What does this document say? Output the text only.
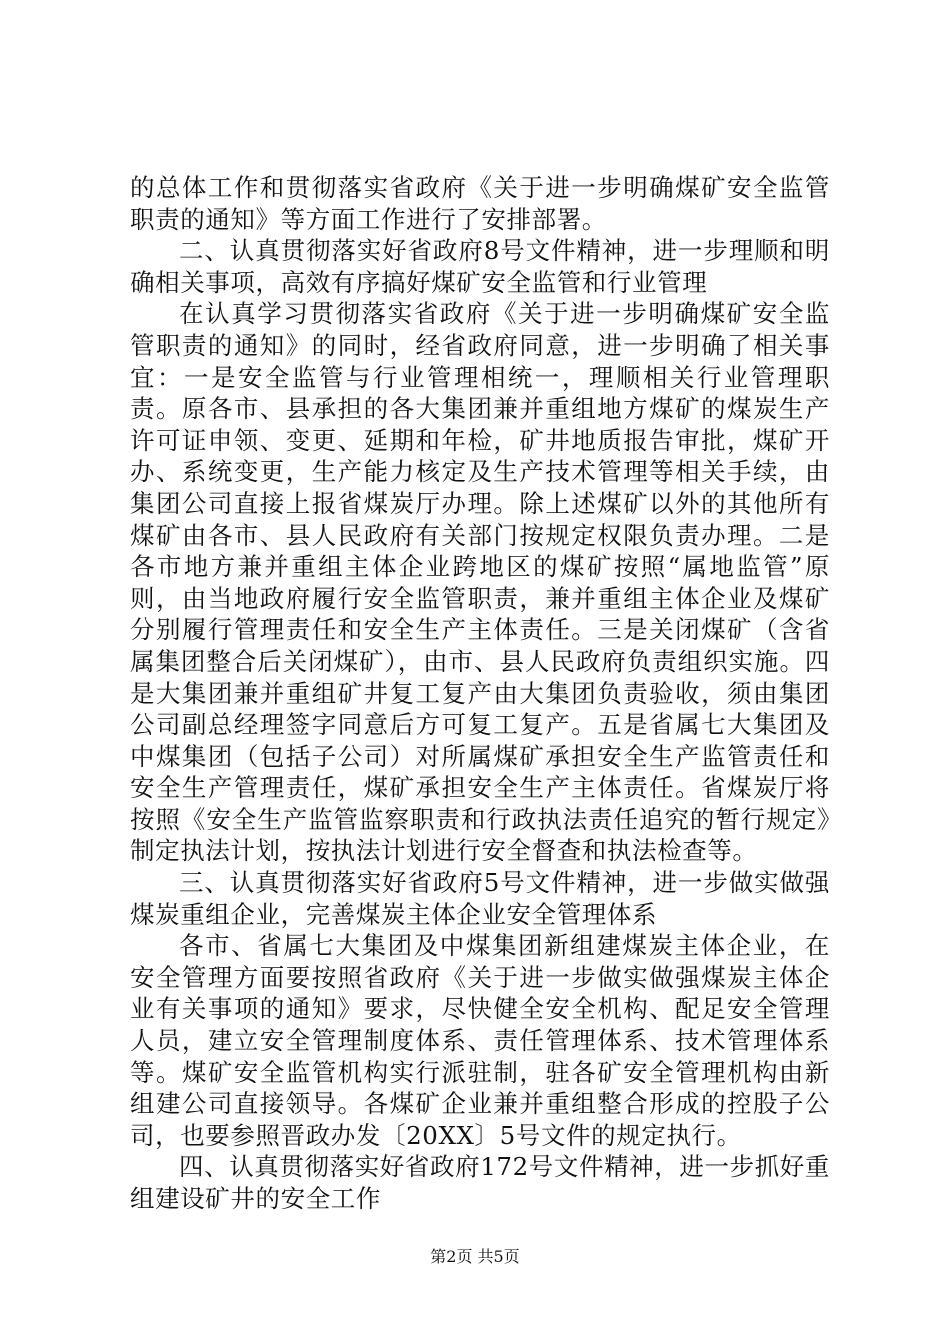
的总体工作和贯彻落实省政府《关于进一步明确煤矿安全监管职责的通知》等方面工作进行了安排部署。

二、认真贯彻落实好省政府8号文件精神，进一步理顺和明确相关事项，高效有序搞好煤矿安全监管和行业管理

在认真学习贯彻落实省政府《关于进一步明确煤矿安全监管职责的通知》的同时，经省政府同意，进一步明确了相关事宜：一是安全监管与行业管理相统一，理顺相关行业管理职责。原各市、县承担的各大集团兼并重组地方煤矿的煤炭生产许可证申领、变更、延期和年检，矿井地质报告审批，煤矿开办、系统变更，生产能力核定及生产技术管理等相关手续，由集团公司直接上报省煤炭厅办理。除上述煤矿以外的其他所有煤矿由各市、县人民政府有关部门按规定权限负责办理。二是各市地方兼并重组主体企业跨地区的煤矿按照“属地监管”原则，由当地政府履行安全监管职责，兼并重组主体企业及煤矿分别履行管理责任和安全生产主体责任。三是关闭煤矿（含省属集团整合后关闭煤矿），由市、县人民政府负责组织实施。四是大集团兼并重组矿井复工复产由大集团负责验收，须由集团公司副总经理签字同意后方可复工复产。五是省属七大集团及中煤集团（包括子公司）对所属煤矿承担安全生产监管责任和安全生产管理责任，煤矿承担安全生产主体责任。省煤炭厅将按照《安全生产监管监察职责和行政执法责任追究的暂行规定》制定执法计划，按执法计划进行安全督查和执法检查等。

三、认真贯彻落实好省政府5号文件精神，进一步做实做强煤炭重组企业，完善煤炭主体企业安全管理体系

各市、省属七大集团及中煤集团新组建煤炭主体企业，在安全管理方面要按照省政府《关于进一步做实做强煤炭主体企业有关事项的通知》要求，尽快健全安全机构、配足安全管理人员，建立安全管理制度体系、责任管理体系、技术管理体系等。煤矿安全监管机构实行派驻制，驻各矿安全管理机构由新组建公司直接领导。各煤矿企业兼并重组整合形成的控股子公司，也要参照晋政办发〔20XX〕5号文件的规定执行。

四、认真贯彻落实好省政府172号文件精神，进一步抓好重组建设矿井的安全工作

第2页 共5页
